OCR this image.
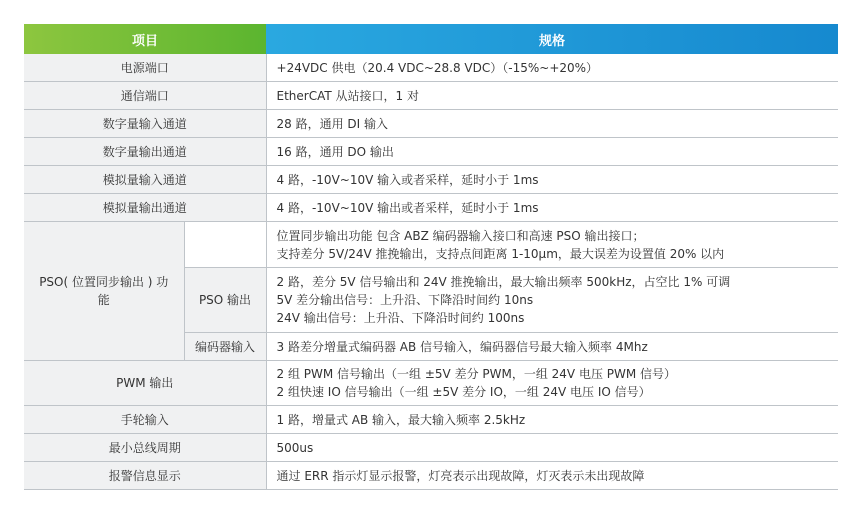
项目		规格
电源端口		+24VDC 供电（20.4 VDC~28.8 VDC）（-15%~+20%）
通信端口		EtherCAT 从站接口，1 对
数字量输入通道		28 路，通用 DI 输入
数字量输出通道		16 路，通用 DO 输出
模拟量输入通道		4 路，-10V~10V 输入或者采样，延时小于 1ms
模拟量输出通道		4 路，-10V~10V 输出或者采样，延时小于 1ms
PSO( 位置同步输出 ) 功能		位置同步输出功能 包含 ABZ 编码器输入接口和高速 PSO 输出接口；
支持差分 5V/24V 推挽输出，支持点间距离 1-10μm，最大误差为设置值 20% 以内

	PSO 输出	2 路，差分 5V 信号输出和 24V 推挽输出，最大输出频率 500kHz，占空比 1% 可调
5V 差分输出信号：上升沿、下降沿时间约 10ns
24V 输出信号：上升沿、下降沿时间约 100ns

	编码器输入	3 路差分增量式编码器 AB 信号输入，编码器信号最大输入频率 4Mhz
PWM 输出		2 组 PWM 信号输出（一组 ±5V 差分 PWM，一组 24V 电压 PWM 信号）
2 组快速 IO 信号输出（一组 ±5V 差分 IO，一组 24V 电压 IO 信号）

手轮输入		1 路，增量式 AB 输入，最大输入频率 2.5kHz
最小总线周期		500us
报警信息显示		通过 ERR 指示灯显示报警，灯亮表示出现故障，灯灭表示未出现故障
